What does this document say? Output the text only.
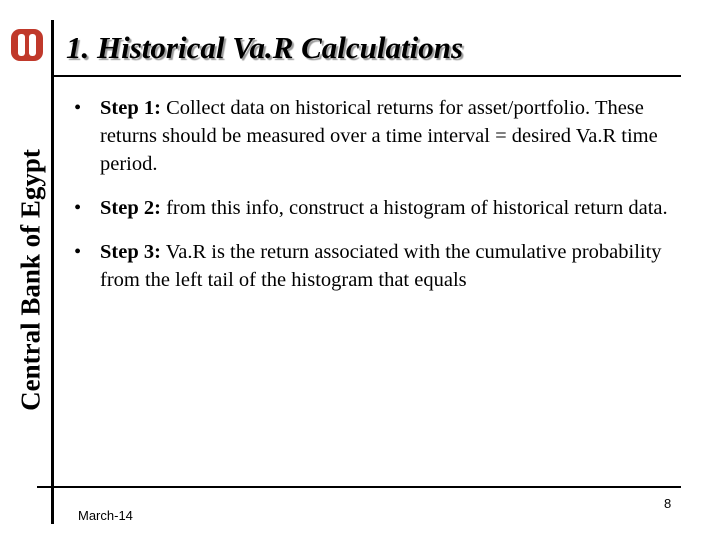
Central Bank of Egypt
1. Historical Va.R Calculations
• Step 1: Collect data on historical returns for asset/portfolio. These returns should be measured over a time interval = desired Va.R time period.
• Step 2: from this info, construct a histogram of historical return data.
• Step 3: Va.R is the return associated with the cumulative probability from the left tail of the histogram that equals
March-14
8
